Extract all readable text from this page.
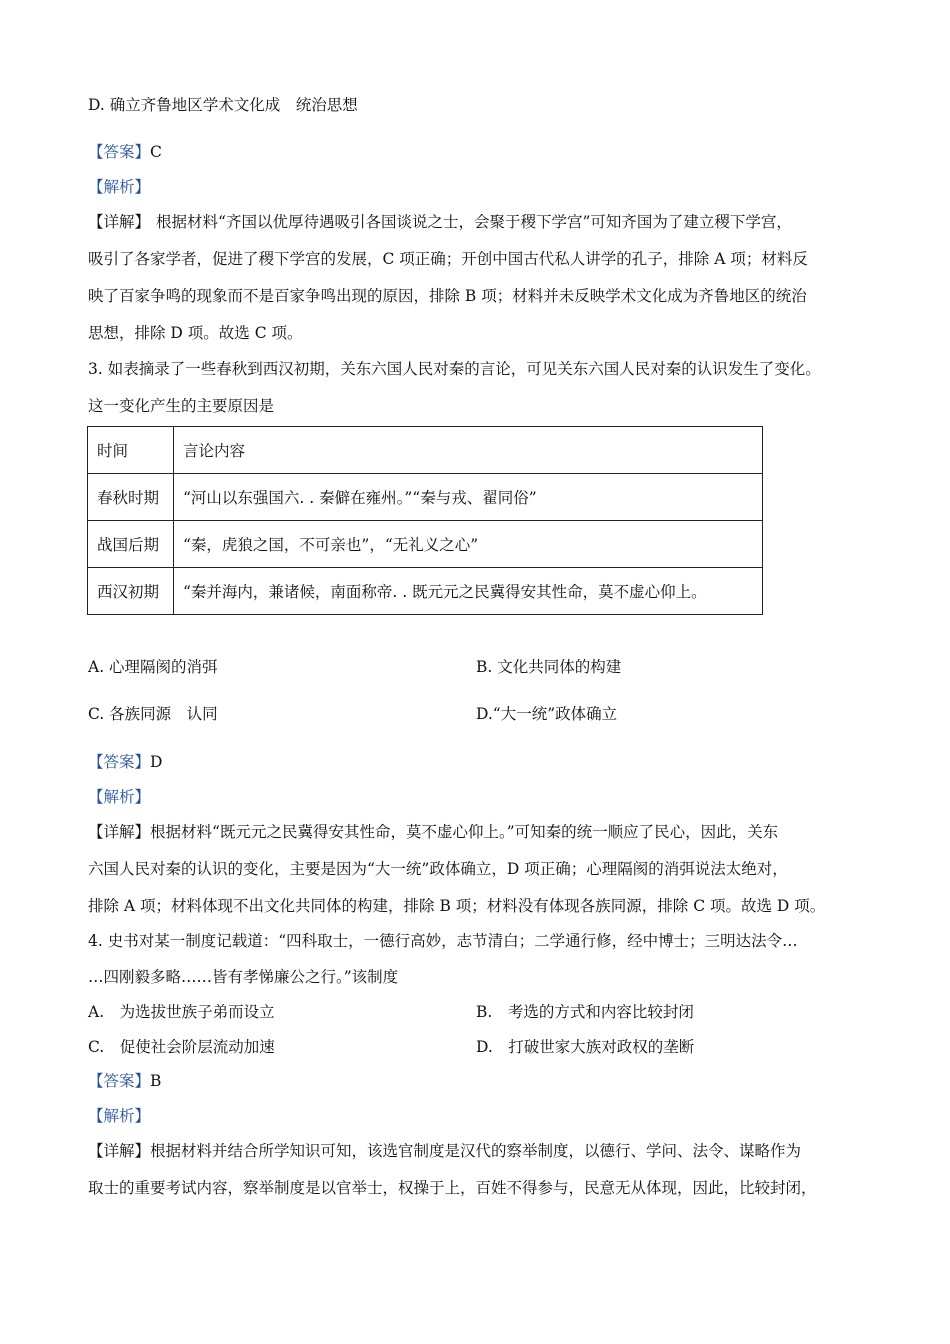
D. 确立齐鲁地区学术文化成　统治思想
【答案】C
【解析】
【详解】 根据材料“齐国以优厚待遇吸引各国谈说之士，会聚于稷下学宫”可知齐国为了建立稷下学宫，
吸引了各家学者，促进了稷下学宫的发展，C 项正确；开创中国古代私人讲学的孔子，排除 A 项；材料反
映了百家争鸣的现象而不是百家争鸣出现的原因，排除 B 项；材料并未反映学术文化成为齐鲁地区的统治
思想，排除 D 项。故选 C 项。
3. 如表摘录了一些春秋到西汉初期，关东六国人民对秦的言论，可见关东六国人民对秦的认识发生了变化。
这一变化产生的主要原因是
时间	言论内容
春秋时期	“河山以东强国六. . 秦僻在雍州。”“秦与戎、翟同俗”
战国后期	“秦，虎狼之国，不可亲也”，“无礼义之心”
西汉初期	“秦并海内，兼诸候，南面称帝. . 既元元之民冀得安其性命，莫不虚心仰上。
A. 心理隔阂的消弭	B. 文化共同体的构建
C. 各族同源　认同	D.“大一统”政体确立
【答案】D
【解析】
【详解】根据材料“既元元之民冀得安其性命，莫不虚心仰上。”可知秦的统一顺应了民心，因此，关东
六国人民对秦的认识的变化，主要是因为“大一统”政体确立，D 项正确；心理隔阂的消弭说法太绝对，
排除 A 项；材料体现不出文化共同体的构建，排除 B 项；材料没有体现各族同源，排除 C 项。故选 D 项。
4. 史书对某一制度记载道：“四科取士，一德行高妙，志节清白；二学通行修，经中博士；三明达法令…
…四刚毅多略……皆有孝悌廉公之行。”该制度
A.　为选拔世族子弟而设立	B.　考选的方式和内容比较封闭
C.　促使社会阶层流动加速	D.　打破世家大族对政权的垄断
【答案】B
【解析】
【详解】根据材料并结合所学知识可知，该选官制度是汉代的察举制度，以德行、学问、法令、谋略作为
取士的重要考试内容，察举制度是以官举士，权操于上，百姓不得参与，民意无从体现，因此，比较封闭，
